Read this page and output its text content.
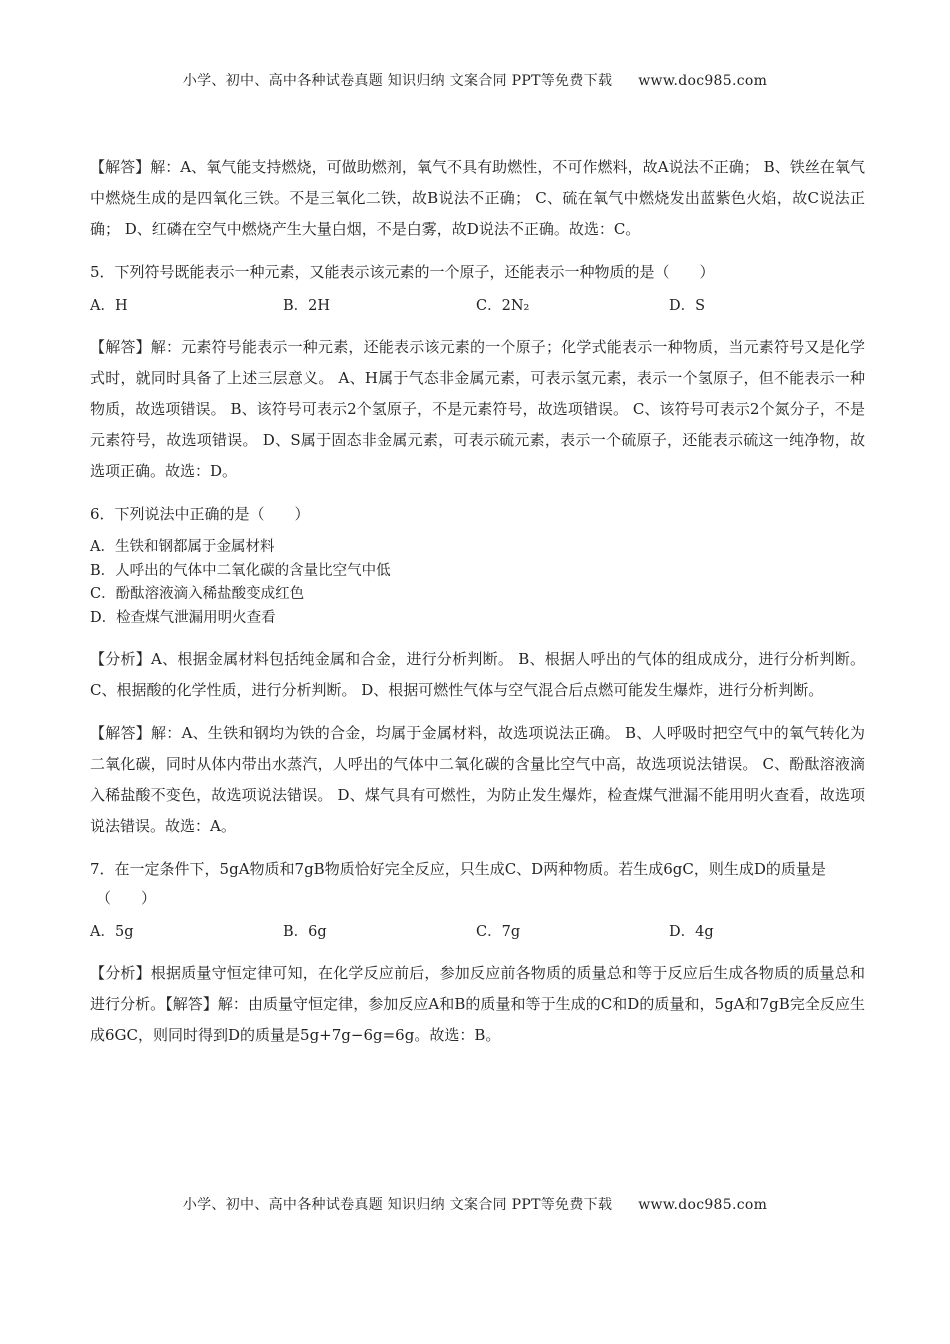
小学、初中、高中各种试卷真题 知识归纳 文案合同 PPT等免费下载 www.doc985.com

【解答】解：A、氧气能支持燃烧，可做助燃剂，氧气不具有助燃性，不可作燃料，故A说法不正确； B、铁丝在氧气中燃烧生成的是四氧化三铁。不是三氧化二铁，故B说法不正确； C、硫在氧气中燃烧发出蓝紫色火焰，故C说法正确； D、红磷在空气中燃烧产生大量白烟，不是白雾，故D说法不正确。故选：C。

5．下列符号既能表示一种元素，又能表示该元素的一个原子，还能表示一种物质的是（　　）

A．H	B．2H	C．2N₂	D．S

【解答】解：元素符号能表示一种元素，还能表示该元素的一个原子；化学式能表示一种物质，当元素符号又是化学式时，就同时具备了上述三层意义。 A、H属于气态非金属元素，可表示氢元素，表示一个氢原子，但不能表示一种物质，故选项错误。 B、该符号可表示2个氢原子，不是元素符号，故选项错误。 C、该符号可表示2个氮分子，不是元素符号，故选项错误。 D、S属于固态非金属元素，可表示硫元素，表示一个硫原子，还能表示硫这一纯净物，故选项正确。故选：D。

6．下列说法中正确的是（　　）

A．生铁和钢都属于金属材料
B．人呼出的气体中二氧化碳的含量比空气中低
C．酚酞溶液滴入稀盐酸变成红色
D．检查煤气泄漏用明火查看

【分析】A、根据金属材料包括纯金属和合金，进行分析判断。 B、根据人呼出的气体的组成成分，进行分析判断。 C、根据酸的化学性质，进行分析判断。 D、根据可燃性气体与空气混合后点燃可能发生爆炸，进行分析判断。

【解答】解：A、生铁和钢均为铁的合金，均属于金属材料，故选项说法正确。 B、人呼吸时把空气中的氧气转化为二氧化碳，同时从体内带出水蒸汽，人呼出的气体中二氧化碳的含量比空气中高，故选项说法错误。 C、酚酞溶液滴入稀盐酸不变色，故选项说法错误。 D、煤气具有可燃性，为防止发生爆炸，检查煤气泄漏不能用明火查看，故选项说法错误。故选：A。

7．在一定条件下，5gA物质和7gB物质恰好完全反应，只生成C、D两种物质。若生成6gC，则生成D的质量是

（　　）
A．5g	B．6g	C．7g	D．4g

【分析】根据质量守恒定律可知，在化学反应前后，参加反应前各物质的质量总和等于反应后生成各物质的质量总和进行分析。【解答】解：由质量守恒定律，参加反应A和B的质量和等于生成的C和D的质量和，5gA和7gB完全反应生成6GC，则同时得到D的质量是5g+7g−6g=6g。故选：B。

小学、初中、高中各种试卷真题 知识归纳 文案合同 PPT等免费下载 www.doc985.com
